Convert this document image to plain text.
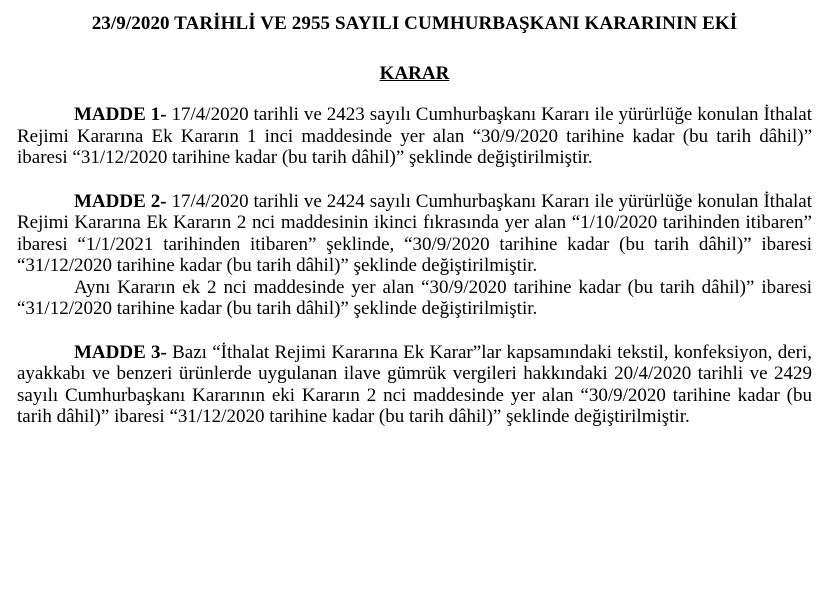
23/9/2020 TARİHLİ VE 2955 SAYILI CUMHURBAŞKANI KARARININ EKİ
KARAR

MADDE 1- 17/4/2020 tarihli ve 2423 sayılı Cumhurbaşkanı Kararı ile yürürlüğe konulan İthalat Rejimi Kararına Ek Kararın 1 inci maddesinde yer alan “30/9/2020 tarihine kadar (bu tarih dâhil)” ibaresi “31/12/2020 tarihine kadar (bu tarih dâhil)” şeklinde değiştirilmiştir.

MADDE 2- 17/4/2020 tarihli ve 2424 sayılı Cumhurbaşkanı Kararı ile yürürlüğe konulan İthalat Rejimi Kararına Ek Kararın 2 nci maddesinin ikinci fıkrasında yer alan “1/10/2020 tarihinden itibaren” ibaresi “1/1/2021 tarihinden itibaren” şeklinde, “30/9/2020 tarihine kadar (bu tarih dâhil)” ibaresi “31/12/2020 tarihine kadar (bu tarih dâhil)” şeklinde değiştirilmiştir.

Aynı Kararın ek 2 nci maddesinde yer alan “30/9/2020 tarihine kadar (bu tarih dâhil)” ibaresi “31/12/2020 tarihine kadar (bu tarih dâhil)” şeklinde değiştirilmiştir.

MADDE 3- Bazı “İthalat Rejimi Kararına Ek Karar”lar kapsamındaki tekstil, konfeksiyon, deri, ayakkabı ve benzeri ürünlerde uygulanan ilave gümrük vergileri hakkındaki 20/4/2020 tarihli ve 2429 sayılı Cumhurbaşkanı Kararının eki Kararın 2 nci maddesinde yer alan “30/9/2020 tarihine kadar (bu tarih dâhil)” ibaresi “31/12/2020 tarihine kadar (bu tarih dâhil)” şeklinde değiştirilmiştir.
